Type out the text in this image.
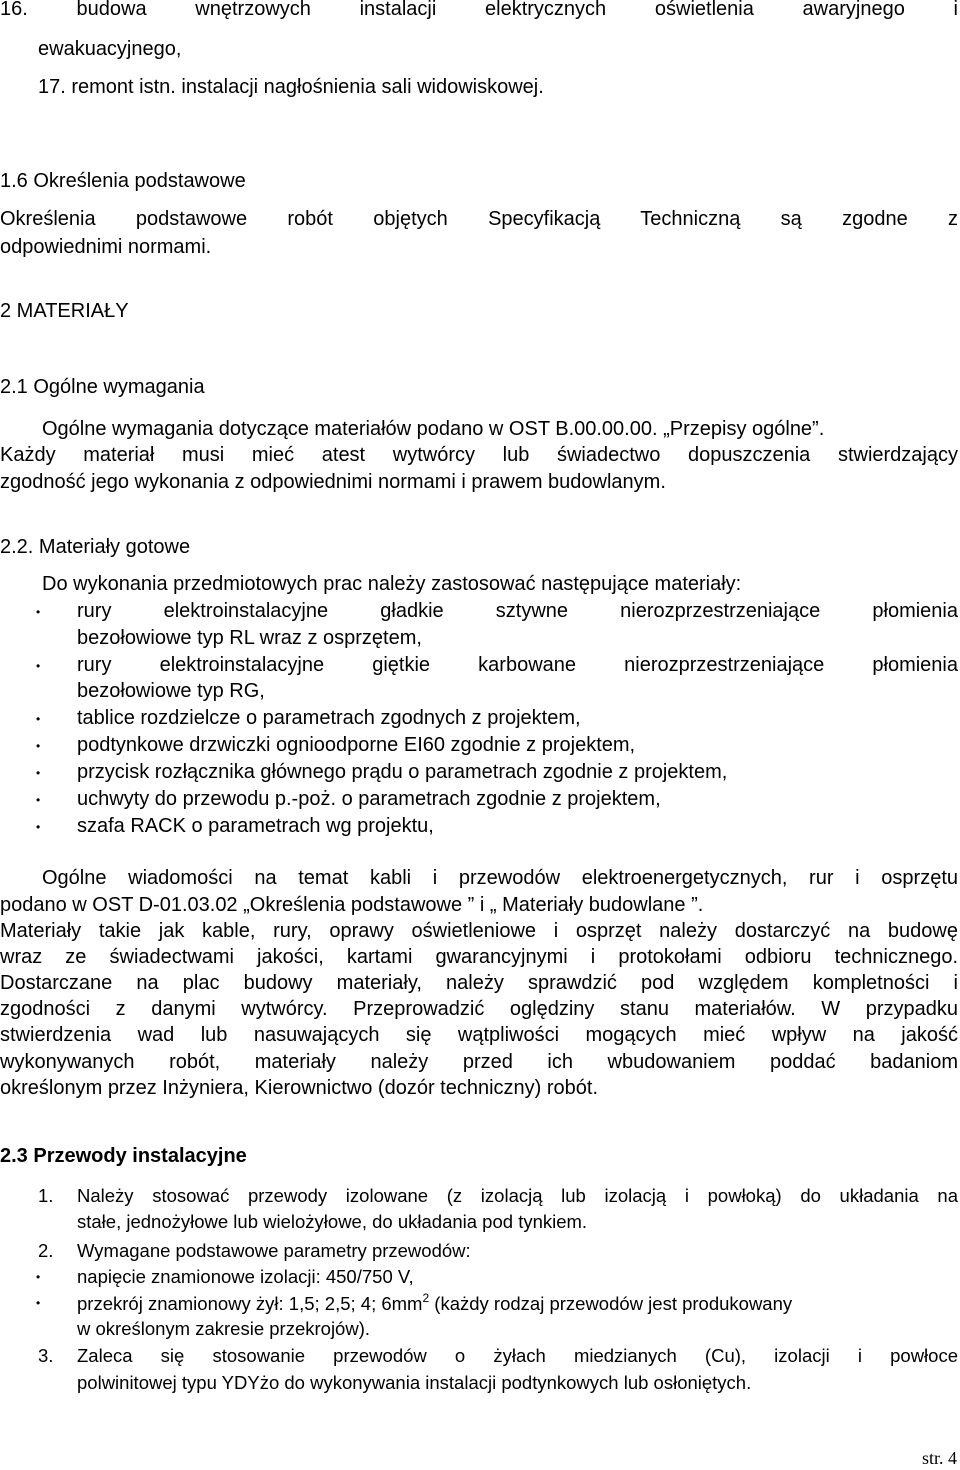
16. budowa wnętrzowych instalacji elektrycznych oświetlenia awaryjnego i
ewakuacyjnego,
17. remont istn. instalacji nagłośnienia sali widowiskowej.
1.6 Określenia podstawowe
Określenia podstawowe robót objętych Specyfikacją Techniczną są zgodne z
odpowiednimi normami.
2 MATERIAŁY
2.1 Ogólne wymagania
Ogólne wymagania dotyczące materiałów podano w OST B.00.00.00. „Przepisy ogólne”.
Każdy materiał musi mieć atest wytwórcy lub świadectwo dopuszczenia stwierdzający
zgodność jego wykonania z odpowiednimi normami i prawem budowlanym.
2.2. Materiały gotowe
Do wykonania przedmiotowych prac należy zastosować następujące materiały:
• rury elektroinstalacyjne gładkie sztywne nierozprzestrzeniające płomienia
bezołowiowe typ RL wraz z osprzętem,
• rury elektroinstalacyjne giętkie karbowane nierozprzestrzeniające płomienia
bezołowiowe typ RG,
• tablice rozdzielcze o parametrach zgodnych z projektem,
• podtynkowe drzwiczki ognioodporne EI60 zgodnie z projektem,
• przycisk rozłącznika głównego prądu o parametrach zgodnie z projektem,
• uchwyty do przewodu p.-poż. o parametrach zgodnie z projektem,
• szafa RACK o parametrach wg projektu,
Ogólne wiadomości na temat kabli i przewodów elektroenergetycznych, rur i osprzętu
podano w OST D-01.03.02 „Określenia podstawowe ” i „ Materiały budowlane ”.
Materiały takie jak kable, rury, oprawy oświetleniowe i osprzęt należy dostarczyć na budowę
wraz ze świadectwami jakości, kartami gwarancyjnymi i protokołami odbioru technicznego.
Dostarczane na plac budowy materiały, należy sprawdzić pod względem kompletności i
zgodności z danymi wytwórcy. Przeprowadzić oględziny stanu materiałów. W przypadku
stwierdzenia wad lub nasuwających się wątpliwości mogących mieć wpływ na jakość
wykonywanych robót, materiały należy przed ich wbudowaniem poddać badaniom
określonym przez Inżyniera, Kierownictwo (dozór techniczny) robót.
2.3 Przewody instalacyjne
1. Należy stosować przewody izolowane (z izolacją lub izolacją i powłoką) do układania na
stałe, jednożyłowe lub wielożyłowe, do układania pod tynkiem.
2. Wymagane podstawowe parametry przewodów:
• napięcie znamionowe izolacji: 450/750 V,
• przekrój znamionowy żył: 1,5; 2,5; 4; $6mm^2$ (każdy rodzaj przewodów jest produkowany
w określonym zakresie przekrojów).
3. Zaleca się stosowanie przewodów o żyłach miedzianych (Cu), izolacji i powłoce
polwinitowej typu YDYżo do wykonywania instalacji podtynkowych lub osłoniętych.
str. 4
